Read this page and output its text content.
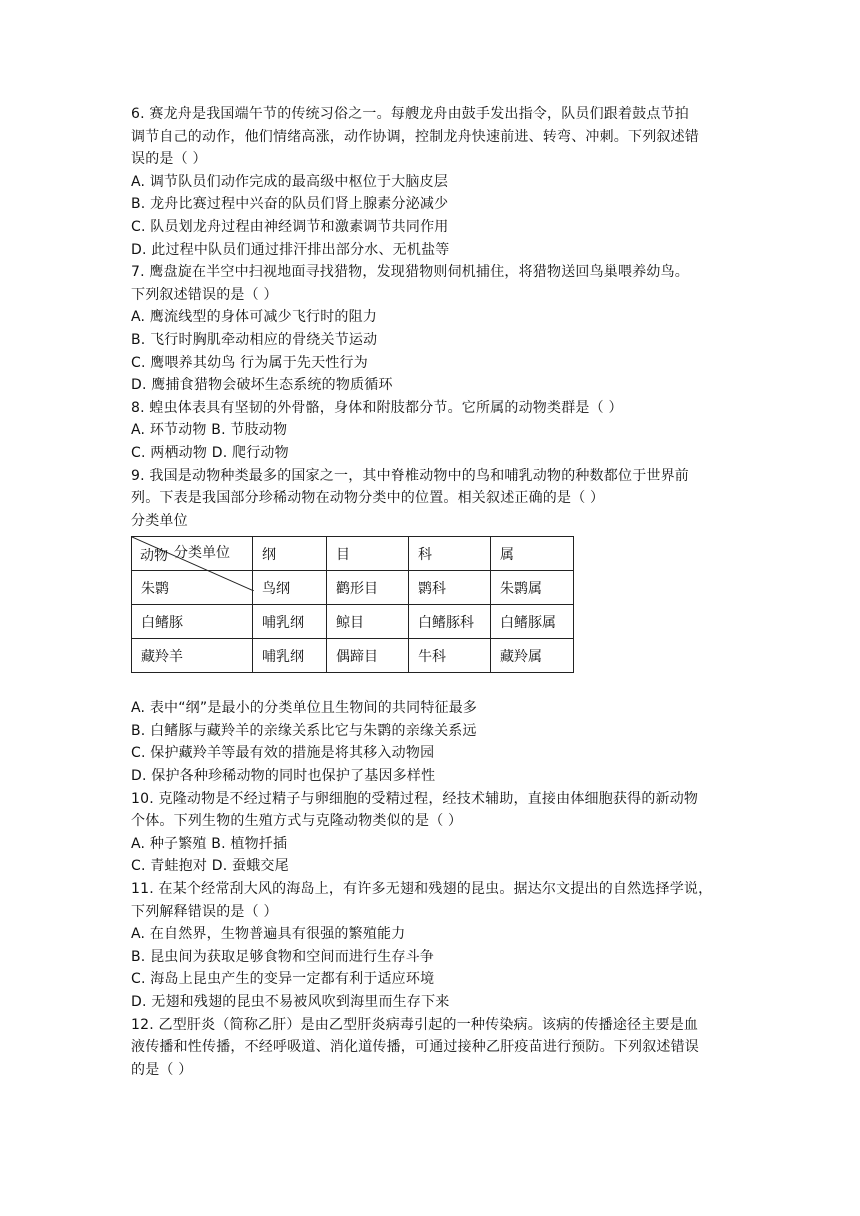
6. 赛龙舟是我国端午节的传统习俗之一。每艘龙舟由鼓手发出指令，队员们跟着鼓点节拍
调节自己的动作，他们情绪高涨，动作协调，控制龙舟快速前进、转弯、冲刺。下列叙述错
误的是（ ）
A. 调节队员们动作完成的最高级中枢位于大脑皮层
B. 龙舟比赛过程中兴奋的队员们肾上腺素分泌减少
C. 队员划龙舟过程由神经调节和激素调节共同作用
D. 此过程中队员们通过排汗排出部分水、无机盐等
7. 鹰盘旋在半空中扫视地面寻找猎物，发现猎物则伺机捕住，将猎物送回鸟巢喂养幼鸟。
下列叙述错误的是（ ）
A. 鹰流线型的身体可减少飞行时的阻力
B. 飞行时胸肌牵动相应的骨绕关节运动
C. 鹰喂养其幼鸟 行为属于先天性行为
D. 鹰捕食猎物会破坏生态系统的物质循环
8. 蝗虫体表具有坚韧的外骨骼，身体和附肢都分节。它所属的动物类群是（ ）
A. 环节动物 B. 节肢动物
C. 两栖动物 D. 爬行动物
9. 我国是动物种类最多的国家之一，其中脊椎动物中的鸟和哺乳动物的种数都位于世界前
列。下表是我国部分珍稀动物在动物分类中的位置。相关叙述正确的是（ ）
分类单位
分类单位
动物	纲	目	科	属
朱鹮	鸟纲	鹳形目	鹮科	朱鹮属
白鳍豚	哺乳纲	鲸目	白鳍豚科	白鳍豚属
藏羚羊	哺乳纲	偶蹄目	牛科	藏羚属
A. 表中“纲”是最小的分类单位且生物间的共同特征最多
B. 白鳍豚与藏羚羊的亲缘关系比它与朱鹮的亲缘关系远
C. 保护藏羚羊等最有效的措施是将其移入动物园
D. 保护各种珍稀动物的同时也保护了基因多样性
10. 克隆动物是不经过精子与卵细胞的受精过程，经技术辅助，直接由体细胞获得的新动物
个体。下列生物的生殖方式与克隆动物类似的是（ ）
A. 种子繁殖 B. 植物扦插
C. 青蛙抱对 D. 蚕蛾交尾
11. 在某个经常刮大风的海岛上，有许多无翅和残翅的昆虫。据达尔文提出的自然选择学说，
下列解释错误的是（ ）
A. 在自然界，生物普遍具有很强的繁殖能力
B. 昆虫间为获取足够食物和空间而进行生存斗争
C. 海岛上昆虫产生的变异一定都有利于适应环境
D. 无翅和残翅的昆虫不易被风吹到海里而生存下来
12. 乙型肝炎（简称乙肝）是由乙型肝炎病毒引起的一种传染病。该病的传播途径主要是血
液传播和性传播，不经呼吸道、消化道传播，可通过接种乙肝疫苗进行预防。下列叙述错误
的是（ ）
